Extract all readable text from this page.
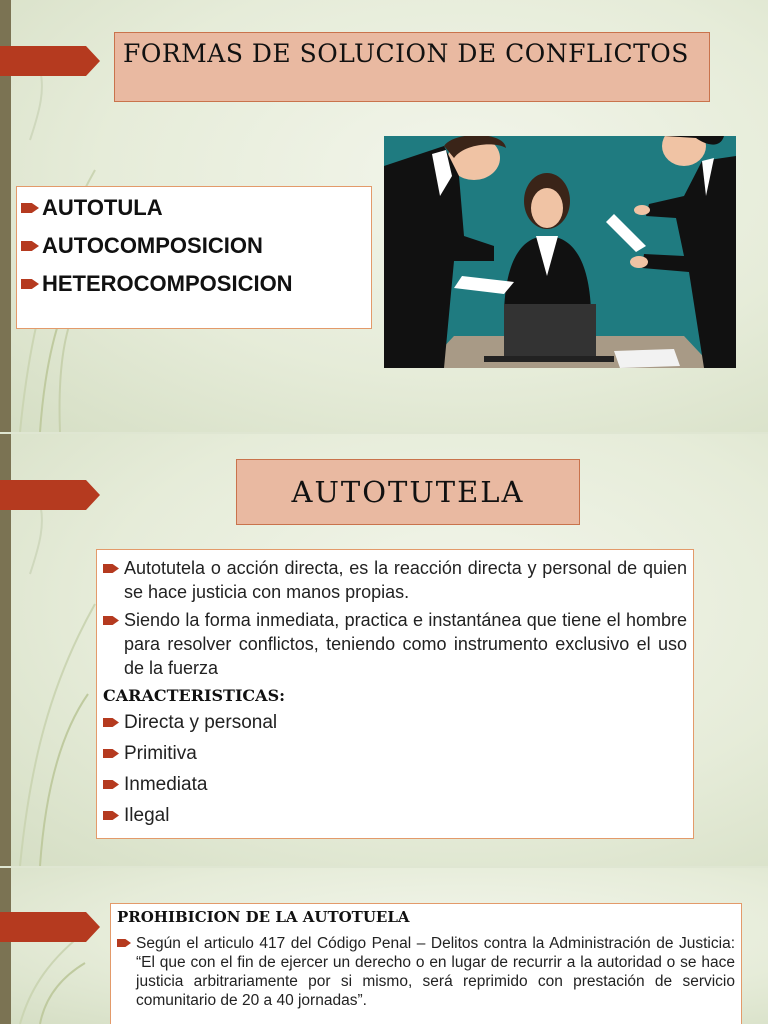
FORMAS DE SOLUCION DE CONFLICTOS
AUTOTULA
AUTOCOMPOSICION
HETEROCOMPOSICION
AUTOTUTELA
Autotutela o acción directa, es la reacción directa y personal de quien se hace justicia con manos propias.
Siendo la forma inmediata, practica e instantánea que tiene el hombre para resolver conflictos, teniendo como instrumento exclusivo el uso de la fuerza
CARACTERISTICAS:
Directa y personal
Primitiva
Inmediata
Ilegal
PROHIBICION DE LA AUTOTUELA
Según el articulo 417 del Código Penal – Delitos contra la Administración de Justicia: “El que con el fin de ejercer un derecho o en lugar de recurrir a la autoridad o se hace justicia arbitrariamente por si mismo, será reprimido con prestación de servicio comunitario de 20 a 40 jornadas”.
